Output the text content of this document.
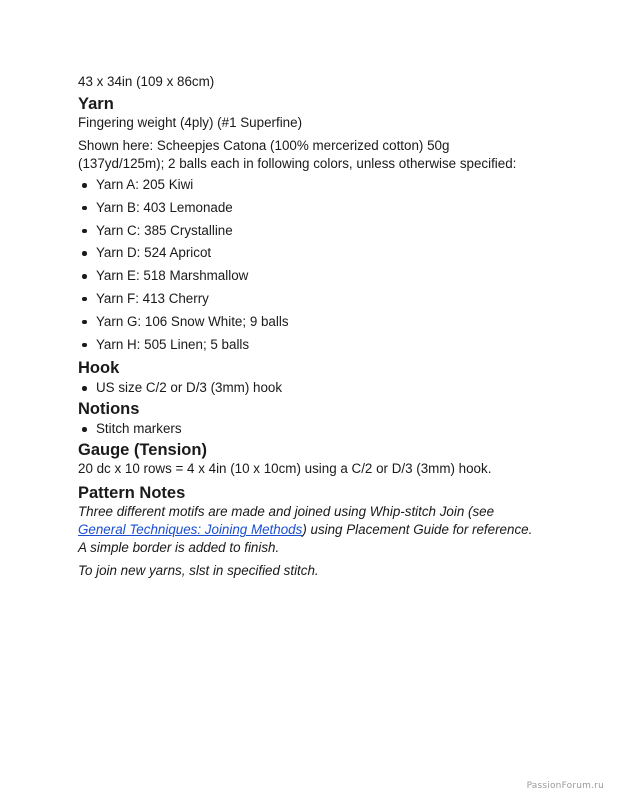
43 x 34in (109 x 86cm)

Yarn

Fingering weight (4ply) (#1 Superfine)

Shown here: Scheepjes Catona (100% mercerized cotton) 50g (137yd/125m); 2 balls each in following colors, unless otherwise specified:

Yarn A: 205 Kiwi
Yarn B: 403 Lemonade
Yarn C: 385 Crystalline
Yarn D: 524 Apricot
Yarn E: 518 Marshmallow
Yarn F: 413 Cherry
Yarn G: 106 Snow White; 9 balls
Yarn H: 505 Linen; 5 balls
Hook
US size C/2 or D/3 (3mm) hook
Notions
Stitch markers
Gauge (Tension)

20 dc x 10 rows = 4 x 4in (10 x 10cm) using a C/2 or D/3 (3mm) hook.

Pattern Notes

Three different motifs are made and joined using Whip-stitch Join (see General Techniques: Joining Methods) using Placement Guide for reference. A simple border is added to finish.

To join new yarns, slst in specified stitch.

PassionForum.ru
